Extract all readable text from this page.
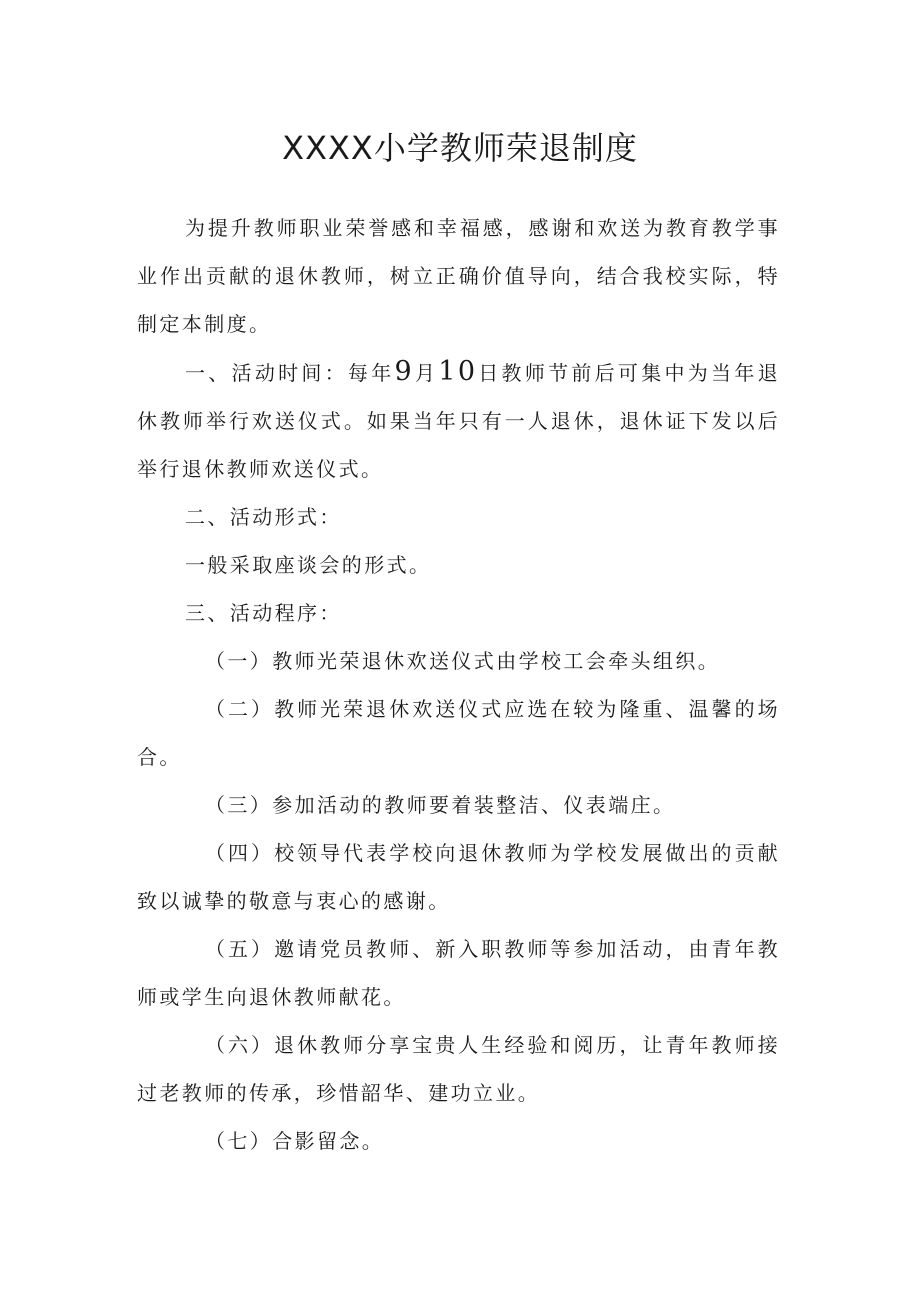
XXXX小学教师荣退制度

为提升教师职业荣誉感和幸福感，感谢和欢送为教育教学事业作出贡献的退休教师，树立正确价值导向，结合我校实际，特制定本制度。

一、活动时间：每年9月10日教师节前后可集中为当年退休教师举行欢送仪式。如果当年只有一人退休，退休证下发以后举行退休教师欢送仪式。

二、活动形式：

一般采取座谈会的形式。

三、活动程序：

（一）教师光荣退休欢送仪式由学校工会牵头组织。

（二）教师光荣退休欢送仪式应选在较为隆重、温馨的场合。

（三）参加活动的教师要着装整洁、仪表端庄。

（四）校领导代表学校向退休教师为学校发展做出的贡献致以诚挚的敬意与衷心的感谢。

（五）邀请党员教师、新入职教师等参加活动，由青年教师或学生向退休教师献花。

（六）退休教师分享宝贵人生经验和阅历，让青年教师接过老教师的传承，珍惜韶华、建功立业。

（七）合影留念。
